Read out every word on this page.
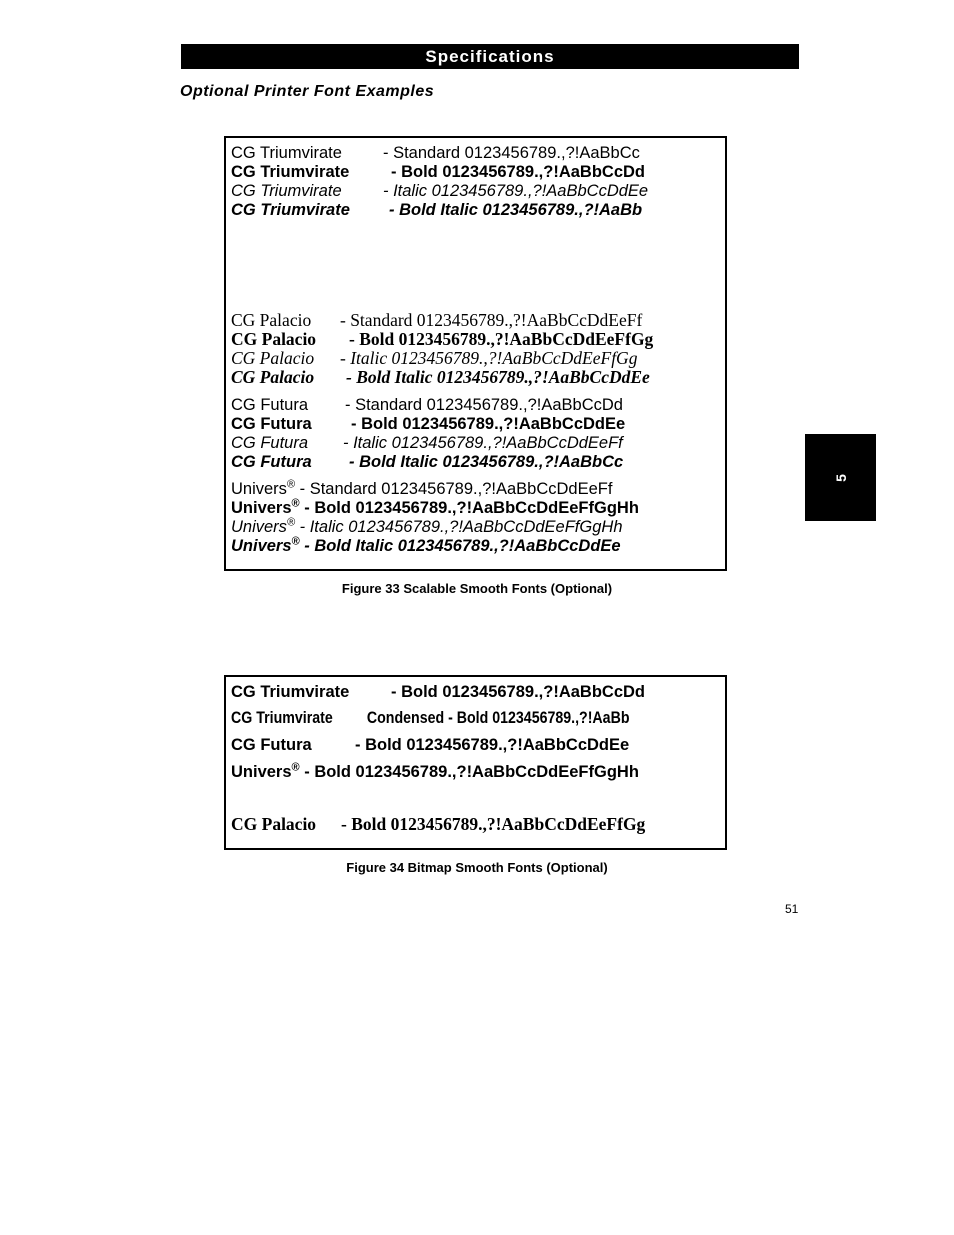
Specifications
Optional Printer Font Examples
5
CG Triumvirate - Standard 0123456789.,?!AaBbCc
CG Triumvirate	- Bold 0123456789.,?!AaBbCcDd
CG Triumvirate	- Italic 0123456789.,?!AaBbCcDdEe
CG Triumvirate - Bold Italic 0123456789.,?!AaBb
CG Palacio - Standard 0123456789.,?!AaBbCcDdEeFf
CG Palacio - Bold 0123456789.,?!AaBbCcDdEeFfGg
CG Palacio - Italic 0123456789.,?!AaBbCcDdEeFfGg
CG Palacio - Bold Italic 0123456789.,?!AaBbCcDdEe
CG Futura - Standard 0123456789.,?!AaBbCcDd
CG Futura - Bold 0123456789.,?!AaBbCcDdEe
CG Futura - Italic 0123456789.,?!AaBbCcDdEeFf
CG Futura - Bold Italic 0123456789.,?!AaBbCc
Univers® - Standard 0123456789.,?!AaBbCcDdEeFf
Univers® - Bold 0123456789.,?!AaBbCcDdEeFfGgHh
Univers® - Italic 0123456789.,?!AaBbCcDdEeFfGgHh
Univers® - Bold Italic 0123456789.,?!AaBbCcDdEe
Figure 33 Scalable Smooth Fonts (Optional)
CG Triumvirate	- Bold 0123456789.,?!AaBbCcDd
CG Triumvirate Condensed - Bold 0123456789.,?!AaBb
CG Futura	- Bold 0123456789.,?!AaBbCcDdEe
Univers® - Bold 0123456789.,?!AaBbCcDdEeFfGgHh
CG Palacio - Bold 0123456789.,?!AaBbCcDdEeFfGg
Figure 34 Bitmap Smooth Fonts (Optional)
51
